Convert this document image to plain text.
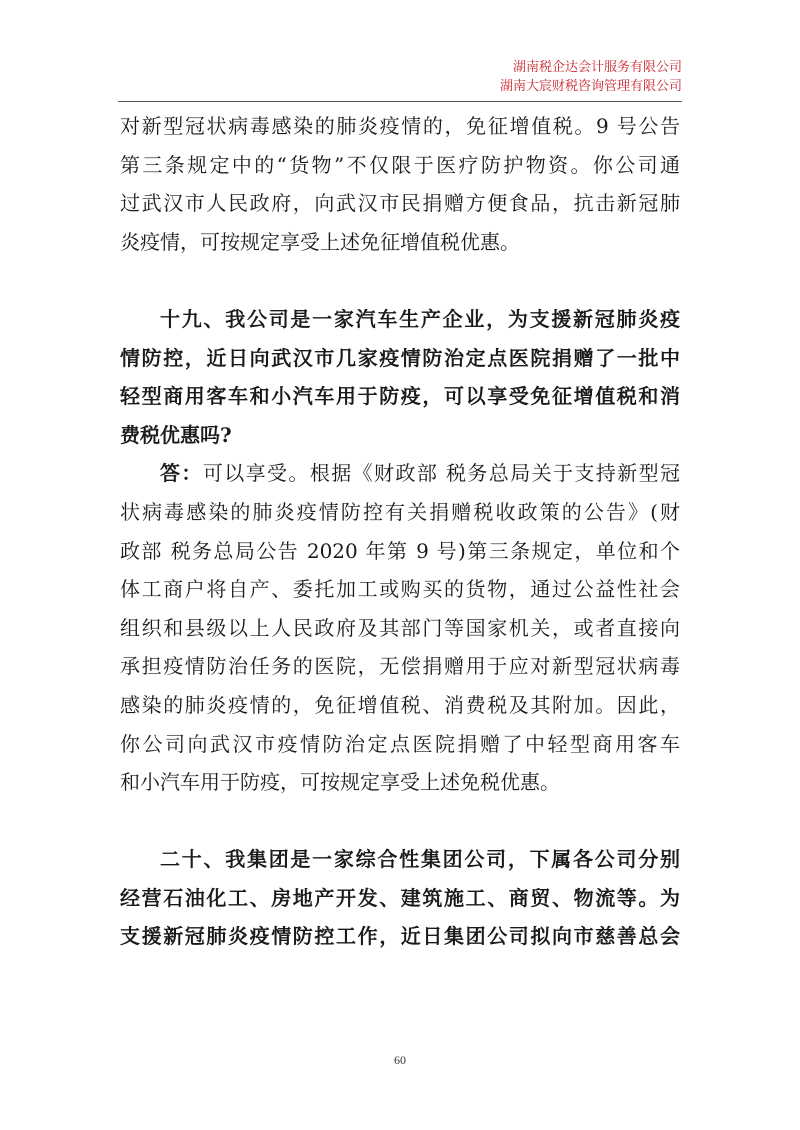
湖南税企达会计服务有限公司
湖南大宸财税咨询管理有限公司
对新型冠状病毒感染的肺炎疫情的，免征增值税。9 号公告
第三条规定中的“货物”不仅限于医疗防护物资。你公司通
过武汉市人民政府，向武汉市民捐赠方便食品，抗击新冠肺
炎疫情，可按规定享受上述免征增值税优惠。
十九、我公司是一家汽车生产企业，为支援新冠肺炎疫
情防控，近日向武汉市几家疫情防治定点医院捐赠了一批中
轻型商用客车和小汽车用于防疫，可以享受免征增值税和消
费税优惠吗?
答：可以享受。根据《财政部 税务总局关于支持新型冠
状病毒感染的肺炎疫情防控有关捐赠税收政策的公告》(财
政部 税务总局公告 2020 年第 9 号)第三条规定，单位和个
体工商户将自产、委托加工或购买的货物，通过公益性社会
组织和县级以上人民政府及其部门等国家机关，或者直接向
承担疫情防治任务的医院，无偿捐赠用于应对新型冠状病毒
感染的肺炎疫情的，免征增值税、消费税及其附加。因此，
你公司向武汉市疫情防治定点医院捐赠了中轻型商用客车
和小汽车用于防疫，可按规定享受上述免税优惠。
二十、我集团是一家综合性集团公司，下属各公司分别
经营石油化工、房地产开发、建筑施工、商贸、物流等。为
支援新冠肺炎疫情防控工作，近日集团公司拟向市慈善总会
60
